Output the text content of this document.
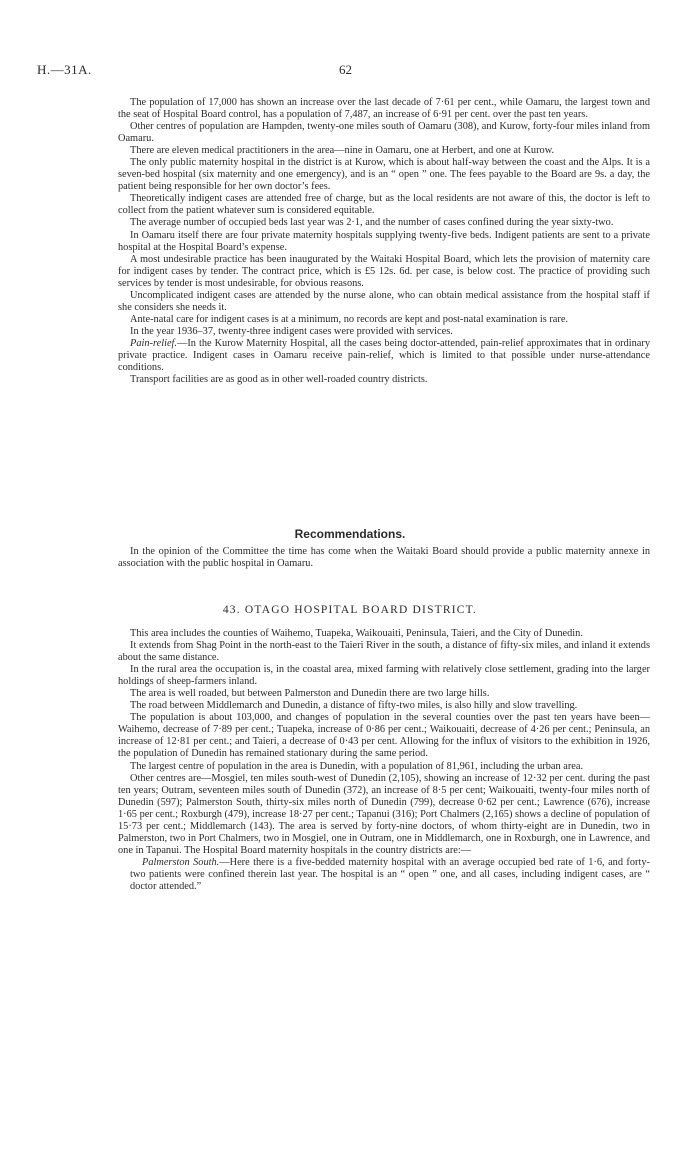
H.—31A.	62

The population of 17,000 has shown an increase over the last decade of 7·61 per cent., while Oamaru, the largest town and the seat of Hospital Board control, has a population of 7,487, an increase of 6·91 per cent. over the past ten years.

Other centres of population are Hampden, twenty-one miles south of Oamaru (308), and Kurow, forty-four miles inland from Oamaru.

There are eleven medical practitioners in the area—nine in Oamaru, one at Herbert, and one at Kurow.

The only public maternity hospital in the district is at Kurow, which is about half-way between the coast and the Alps. It is a seven-bed hospital (six maternity and one emergency), and is an “ open ” one. The fees payable to the Board are 9s. a day, the patient being responsible for her own doctor’s fees.

Theoretically indigent cases are attended free of charge, but as the local residents are not aware of this, the doctor is left to collect from the patient whatever sum is considered equitable.

The average number of occupied beds last year was 2·1, and the number of cases confined during the year sixty-two.

In Oamaru itself there are four private maternity hospitals supplying twenty-five beds. Indigent patients are sent to a private hospital at the Hospital Board’s expense.

A most undesirable practice has been inaugurated by the Waitaki Hospital Board, which lets the provision of maternity care for indigent cases by tender. The contract price, which is £5 12s. 6d. per case, is below cost. The practice of providing such services by tender is most undesirable, for obvious reasons.

Uncomplicated indigent cases are attended by the nurse alone, who can obtain medical assistance from the hospital staff if she considers she needs it.

Ante-natal care for indigent cases is at a minimum, no records are kept and post-natal examination is rare.

In the year 1936–37, twenty-three indigent cases were provided with services.

Pain-relief.—In the Kurow Maternity Hospital, all the cases being doctor-attended, pain-relief approximates that in ordinary private practice. Indigent cases in Oamaru receive pain-relief, which is limited to that possible under nurse-attendance conditions.

Transport facilities are as good as in other well-roaded country districts.

Recommendations.

In the opinion of the Committee the time has come when the Waitaki Board should provide a public maternity annexe in association with the public hospital in Oamaru.

43. OTAGO HOSPITAL BOARD DISTRICT.

This area includes the counties of Waihemo, Tuapeka, Waikouaiti, Peninsula, Taieri, and the City of Dunedin.

It extends from Shag Point in the north-east to the Taieri River in the south, a distance of fifty-six miles, and inland it extends about the same distance.

In the rural area the occupation is, in the coastal area, mixed farming with relatively close settlement, grading into the larger holdings of sheep-farmers inland.

The area is well roaded, but between Palmerston and Dunedin there are two large hills.

The road between Middlemarch and Dunedin, a distance of fifty-two miles, is also hilly and slow travelling.

The population is about 103,000, and changes of population in the several counties over the past ten years have been—Waihemo, decrease of 7·89 per cent.; Tuapeka, increase of 0·86 per cent.; Waikouaiti, decrease of 4·26 per cent.; Peninsula, an increase of 12·81 per cent.; and Taieri, a decrease of 0·43 per cent. Allowing for the influx of visitors to the exhibition in 1926, the population of Dunedin has remained stationary during the same period.

The largest centre of population in the area is Dunedin, with a population of 81,961, including the urban area.

Other centres are—Mosgiel, ten miles south-west of Dunedin (2,105), showing an increase of 12·32 per cent. during the past ten years; Outram, seventeen miles south of Dunedin (372), an increase of 8·5 per cent; Waikouaiti, twenty-four miles north of Dunedin (597); Palmerston South, thirty-six miles north of Dunedin (799), decrease 0·62 per cent.; Lawrence (676), increase 1·65 per cent.; Roxburgh (479), increase 18·27 per cent.; Tapanui (316); Port Chalmers (2,165) shows a decline of population of 15·73 per cent.; Middlemarch (143). The area is served by forty-nine doctors, of whom thirty-eight are in Dunedin, two in Palmerston, two in Port Chalmers, two in Mosgiel, one in Outram, one in Middlemarch, one in Roxburgh, one in Lawrence, and one in Tapanui. The Hospital Board maternity hospitals in the country districts are:—

Palmerston South.—Here there is a five-bedded maternity hospital with an average occupied bed rate of 1·6, and forty-two patients were confined therein last year. The hospital is an “ open ” one, and all cases, including indigent cases, are “ doctor attended.”
